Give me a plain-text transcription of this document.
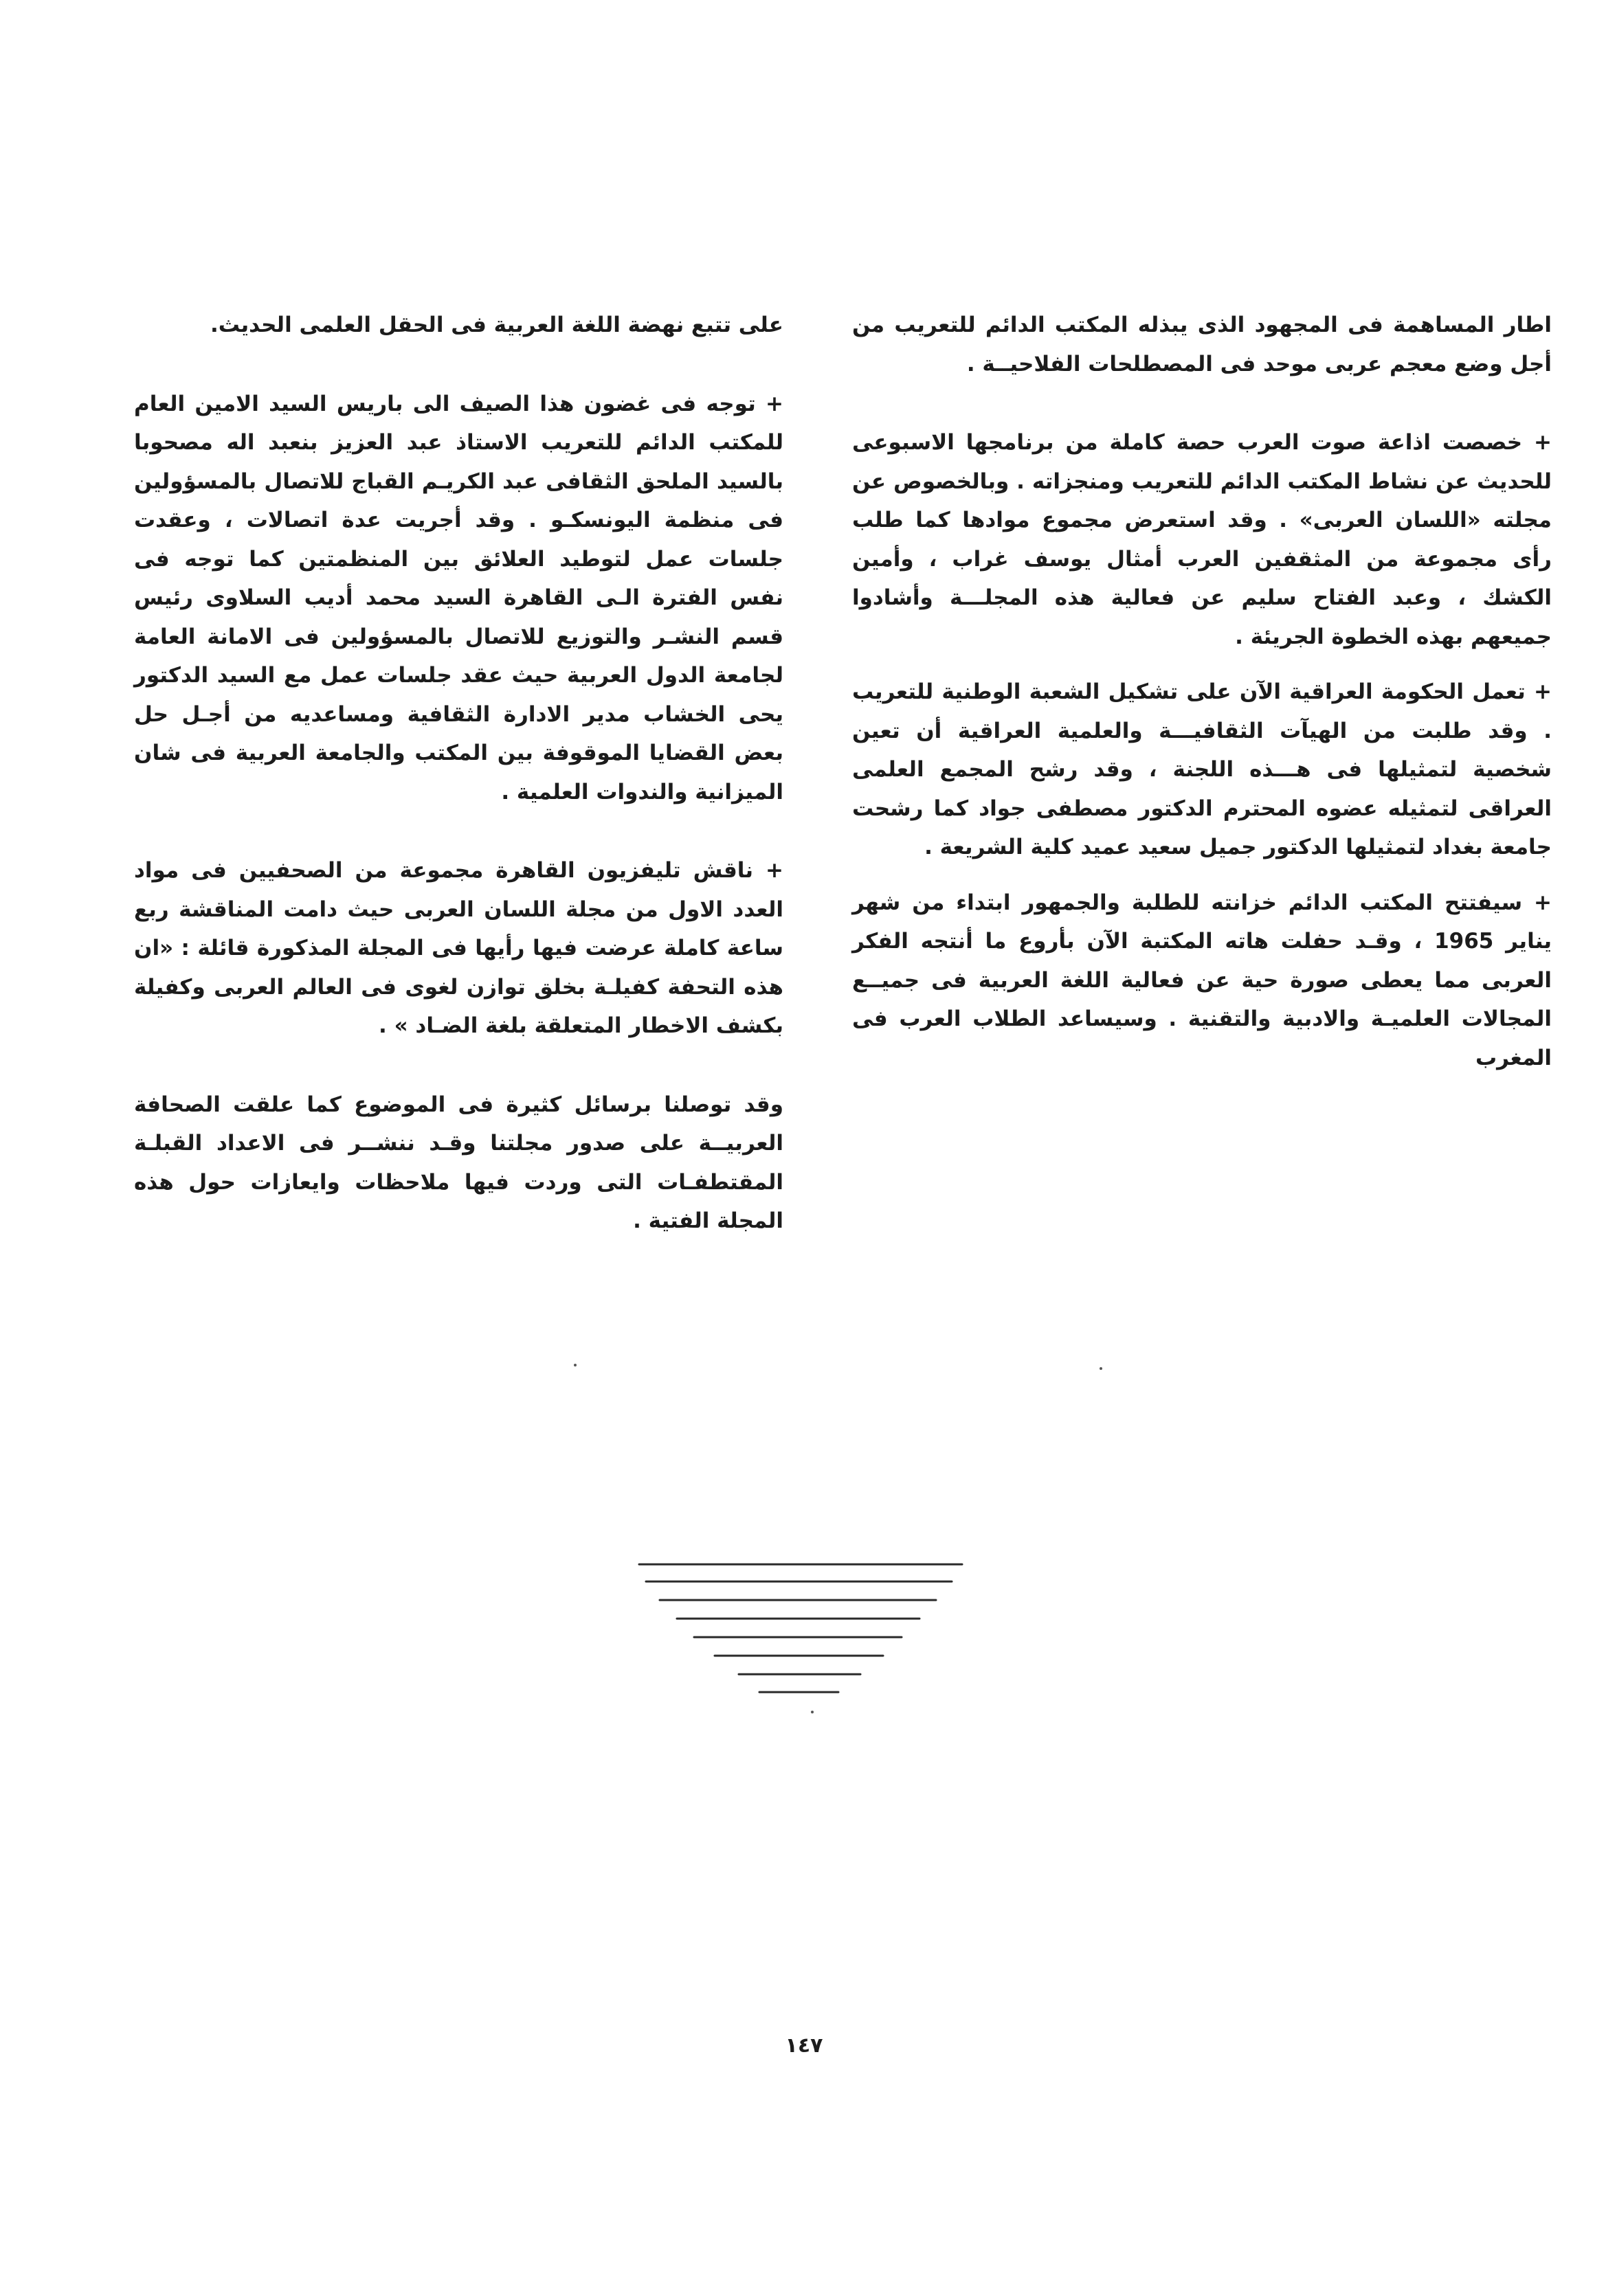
اطار المساهمة فى المجهود الذى يبذله المكتب الدائم للتعريب من أجل وضع معجم عربى موحد فى المصطلحات الفلاحيــة .

+ خصصت اذاعة صوت العرب حصة كاملة من برنامجها الاسبوعى للحديث عن نشاط المكتب الدائم للتعريب ومنجزاته . وبالخصوص عن مجلته «اللسان العربى» . وقد استعرض مجموع موادها كما طلب رأى مجموعة من المثقفين العرب أمثال يوسف غراب ، وأمين الكشك ، وعبد الفتاح سليم عن فعالية هذه المجلـــة وأشادوا جميعهم بهذه الخطوة الجريئة .

+ تعمل الحكومة العراقية الآن على تشكيل الشعبة الوطنية للتعريب . وقد طلبت من الهيآت الثقافيـــة والعلمية العراقية أن تعين شخصية لتمثيلها فى هـــذه اللجنة ، وقد رشح المجمع العلمى العراقى لتمثيله عضوه المحترم الدكتور مصطفى جواد كما رشحت جامعة بغداد لتمثيلها الدكتور جميل سعيد عميد كلية الشريعة .

+ سيفتتح المكتب الدائم خزانته للطلبة والجمهور ابتداء من شهر يناير 1965 ، وقـد حفلت هاته المكتبة الآن بأروع ما أنتجه الفكر العربى مما يعطى صورة حية عن فعالية اللغة العربية فى جميــع المجالات العلميـة والادبية والتقنية . وسيساعد الطلاب العرب فى المغرب

على تتبع نهضة اللغة العربية فى الحقل العلمى الحديث.

+ توجه فى غضون هذا الصيف الى باريس السيد الامين العام للمكتب الدائم للتعريب الاستاذ عبد العزيز بنعبد اله مصحوبا بالسيد الملحق الثقافى عبد الكريـم القباج للاتصال بالمسؤولين فى منظمة اليونسكـو . وقد أجريت عدة اتصالات ، وعقدت جلسات عمل لتوطيد العلائق بين المنظمتين كما توجه فى نفس الفترة الـى القاهرة السيد محمد أديب السلاوى رئيس قسم النشـر والتوزيع للاتصال بالمسؤولين فى الامانة العامة لجامعة الدول العربية حيث عقد جلسات عمل مع السيد الدكتور يحى الخشاب مدير الادارة الثقافية ومساعديه من أجـل حل بعض القضايا الموقوفة بين المكتب والجامعة العربية فى شان الميزانية والندوات العلمية .

+ ناقش تليفزيون القاهرة مجموعة من الصحفيين فى مواد العدد الاول من مجلة اللسان العربى حيث دامت المناقشة ربع ساعة كاملة عرضت فيها رأيها فى المجلة المذكورة قائلة : «ان هذه التحفة كفيلـة بخلق توازن لغوى فى العالم العربى وكفيلة بكشف الاخطار المتعلقة بلغة الضـاد » .

وقد توصلنا برسائل كثيرة فى الموضوع كما علقت الصحافة العربيــة على صدور مجلتنا وقـد ننشــر فى الاعداد القبلـة المقتطفـات التى وردت فيها ملاحظات وايعازات حول هذه المجلة الفتية .

١٤٧
